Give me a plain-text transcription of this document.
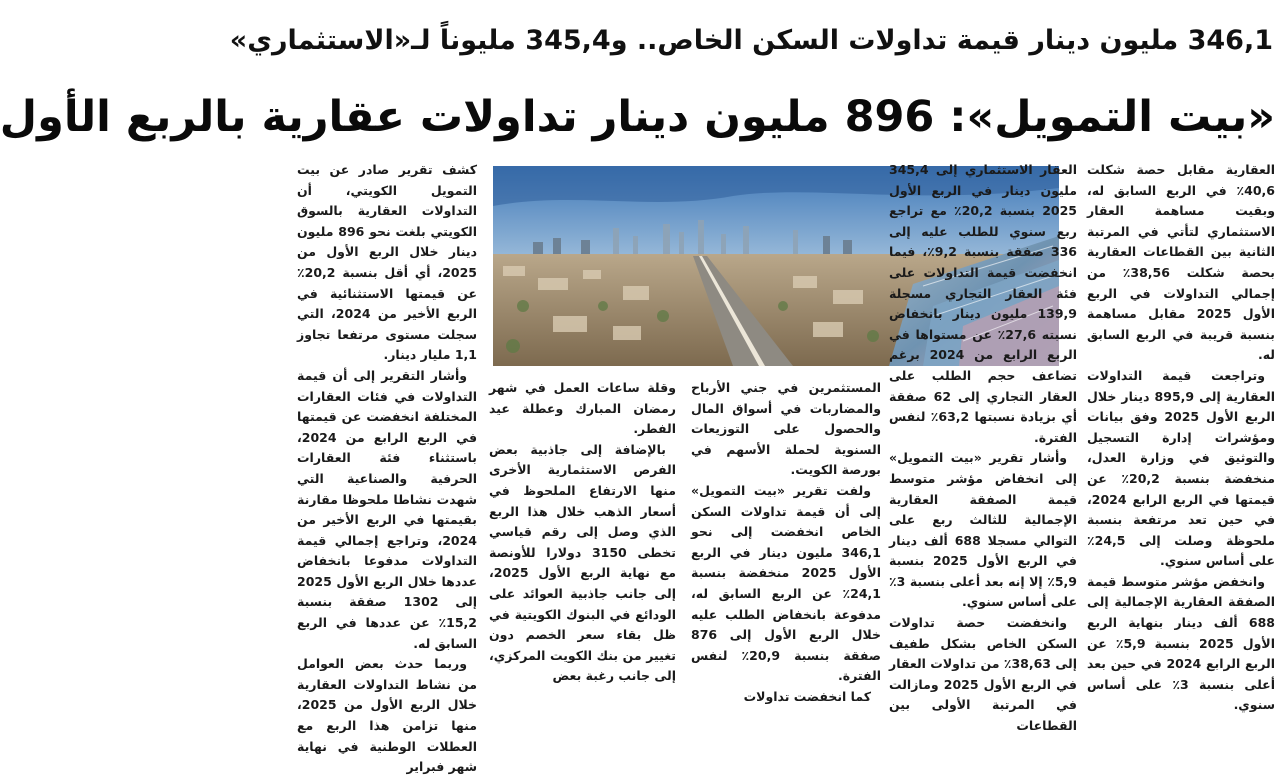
346,1 مليون دينار قيمة تداولات السكن الخاص.. و345,4 مليوناً لـ«الاستثماري»
«بيت التمويل»: 896 مليون دينار تداولات عقارية بالربع الأول

كشف تقرير صادر عن بيت التمويل الكويتي، أن التداولات العقارية بالسوق الكويتي بلغت نحو 896 مليون دينار خلال الربع الأول من 2025، أي أقل بنسبة 20,2٪ عن قيمتها الاستثنائية في الربع الأخير من 2024، التي سجلت مستوى مرتفعا تجاوز 1,1 مليار دينار.

وأشار التقرير إلى أن قيمة التداولات في فئات العقارات المختلفة انخفضت عن قيمتها في الربع الرابع من 2024، باستثناء فئة العقارات الحرفية والصناعية التي شهدت نشاطا ملحوظا مقارنة بقيمتها في الربع الأخير من 2024، وتراجع إجمالي قيمة التداولات مدفوعا بانخفاض عددها خلال الربع الأول 2025 إلى 1302 صفقة بنسبة 15,2٪ عن عددها في الربع السابق له.

وربما حدث بعض العوامل من نشاط التداولات العقارية خلال الربع الأول من 2025، منها تزامن هذا الربع مع العطلات الوطنية في نهاية شهر فبراير

وقلة ساعات العمل في شهر رمضان المبارك وعطلة عيد الفطر.

بالإضافة إلى جاذبية بعض الفرص الاستثمارية الأخرى منها الارتفاع الملحوظ في أسعار الذهب خلال هذا الربع الذي وصل إلى رقم قياسي تخطى 3150 دولارا للأونصة مع نهاية الربع الأول 2025، إلى جانب جاذبية العوائد على الودائع في البنوك الكويتية في ظل بقاء سعر الخصم دون تغيير من بنك الكويت المركزي، إلى جانب رغبة بعض

المستثمرين في جني الأرباح والمضاربات في أسواق المال والحصول على التوزيعات السنوية لحملة الأسهم في بورصة الكويت.

ولفت تقرير «بيت التمويل» إلى أن قيمة تداولات السكن الخاص انخفضت إلى نحو 346,1 مليون دينار في الربع الأول 2025 منخفضة بنسبة 24,1٪ عن الربع السابق له، مدفوعة بانخفاض الطلب عليه خلال الربع الأول إلى 876 صفقة بنسبة 20,9٪ لنفس الفترة.

كما انخفضت تداولات

العقار الاستثماري إلى 345,4 مليون دينار في الربع الأول 2025 بنسبة 20,2٪ مع تراجع ربع سنوي للطلب عليه إلى 336 صفقة بنسبة 9,2٪، فيما انخفضت قيمة التداولات على فئة العقار التجاري مسجلة 139,9 مليون دينار بانخفاض نسبته 27,6٪ عن مستواها في الربع الرابع من 2024 برغم تضاعف حجم الطلب على العقار التجاري إلى 62 صفقة أي بزيادة نسبتها 63,2٪ لنفس الفترة.

وأشار تقرير «بيت التمويل» إلى انخفاض مؤشر متوسط قيمة الصفقة العقارية الإجمالية للثالث ربع على التوالي مسجلا 688 ألف دينار في الربع الأول 2025 بنسبة 5,9٪ إلا إنه بعد أعلى بنسبة 3٪ على أساس سنوي.

وانخفضت حصة تداولات السكن الخاص بشكل طفيف إلى 38,63٪ من تداولات العقار في الربع الأول 2025 ومازالت في المرتبة الأولى بين القطاعات

العقارية مقابل حصة شكلت 40,6٪ في الربع السابق له، وبقيت مساهمة العقار الاستثماري لتأتي في المرتبة الثانية بين القطاعات العقارية بحصة شكلت 38,56٪ من إجمالي التداولات في الربع الأول 2025 مقابل مساهمة بنسبة قريبة في الربع السابق له.

وتراجعت قيمة التداولات العقارية إلى 895,9 دينار خلال الربع الأول 2025 وفق بيانات ومؤشرات إدارة التسجيل والتوثيق في وزارة العدل، منخفضة بنسبة 20,2٪ عن قيمتها في الربع الرابع 2024، في حين تعد مرتفعة بنسبة ملحوظة وصلت إلى 24,5٪ على أساس سنوي.

وانخفض مؤشر متوسط قيمة الصفقة العقارية الإجمالية إلى 688 ألف دينار بنهاية الربع الأول 2025 بنسبة 5,9٪ عن الربع الرابع 2024 في حين بعد أعلى بنسبة 3٪ على أساس سنوي.
